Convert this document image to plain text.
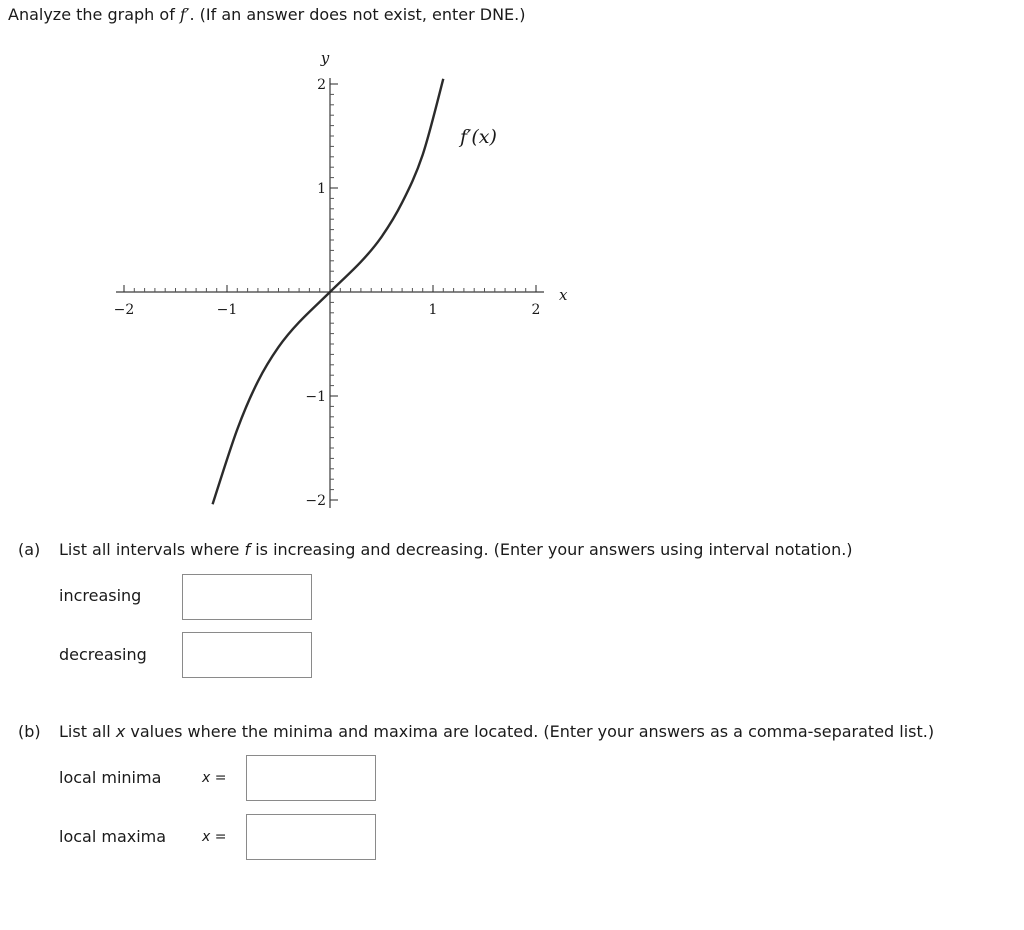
Analyze the graph of f′. (If an answer does not exist, enter DNE.)
−2	−1	1	2
2
1
−1
−2
f′(x)
x
y
(a) List all intervals where f is increasing and decreasing. (Enter your answers using interval notation.)
increasing
decreasing
(b) List all x values where the minima and maxima are located. (Enter your answers as a comma-separated list.)
local minima	x =
local maxima	x =
